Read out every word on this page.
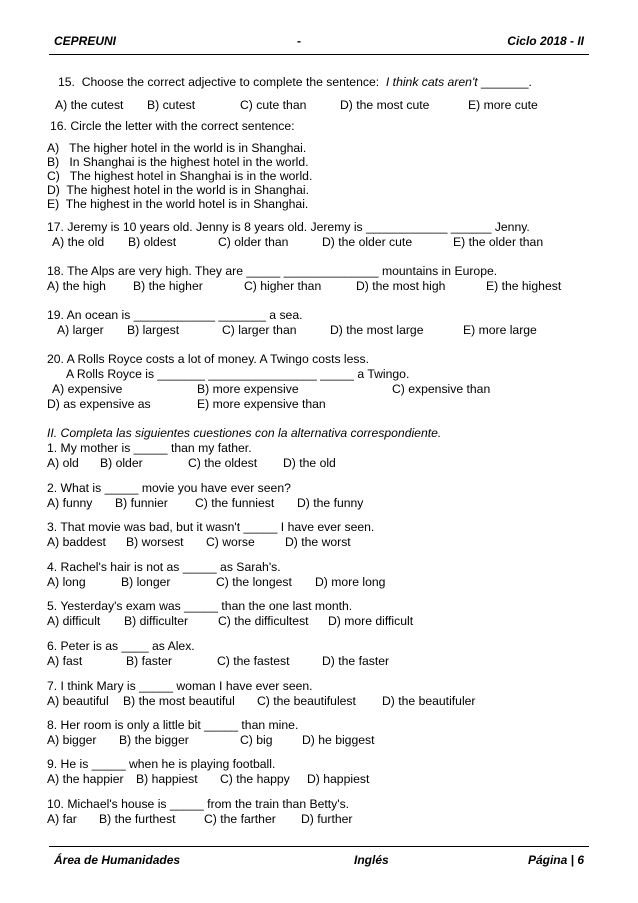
CEPREUNI	-	Ciclo 2018 - II
15.  Choose the correct adjective to complete the sentence:  I think cats aren't _______.
A) the cutest B) cutest	C) cute than	D) the most cute	E) more cute
16. Circle the letter with the correct sentence:
A)   The higher hotel in the world is in Shanghai.
B)   In Shanghai is the highest hotel in the world.
C)   The highest hotel in Shanghai is in the world.
D)  The highest hotel in the world is in Shanghai.
E)  The highest in the world hotel is in Shanghai.
17. Jeremy is 10 years old. Jenny is 8 years old. Jeremy is ____________ ______ Jenny.
A) the old B) oldest	C) older than	D) the older cute	E) the older than
18. The Alps are very high. They are _____ ______________ mountains in Europe.
A) the high B) the higher	C) higher than	D) the most high	E) the highest
19. An ocean is ____________ _______ a sea.
A) larger B) largest	C) larger than	D) the most large	E) more large
20. A Rolls Royce costs a lot of money. A Twingo costs less.
A Rolls Royce is _______ ________________ _____ a Twingo.
A) expensive	B) more expensive	C) expensive than
D) as expensive as	E) more expensive than
II. Completa las siguientes cuestiones con la alternativa correspondiente.
1. My mother is _____ than my father.
A) old B) older	C) the oldest D) the old
2. What is _____ movie you have ever seen?
A) funny B) funnier C) the funniest D) the funny
3. That movie was bad, but it wasn't _____ I have ever seen.
A) baddest B) worsest C) worse D) the worst
4. Rachel's hair is not as _____ as Sarah's.
A) long	B) longer	C) the longest D) more long
5. Yesterday's exam was _____ than the one last month.
A) difficult B) difficulter C) the difficultest D) more difficult
6. Peter is as ____ as Alex.
A) fast	B) faster	C) the fastest	D) the faster
7. I think Mary is _____ woman I have ever seen.
A) beautiful B) the most beautiful C) the beautifulest D) the beautifuler
8. Her room is only a little bit _____ than mine.
A) bigger B) the bigger	C) big D) he biggest
9. He is _____ when he is playing football.
A) the happier B) happiest C) the happy D) happiest
10. Michael's house is _____ from the train than Betty's.
A) far B) the furthest C) the farther D) further
Área de Humanidades	Inglés	Página | 6
